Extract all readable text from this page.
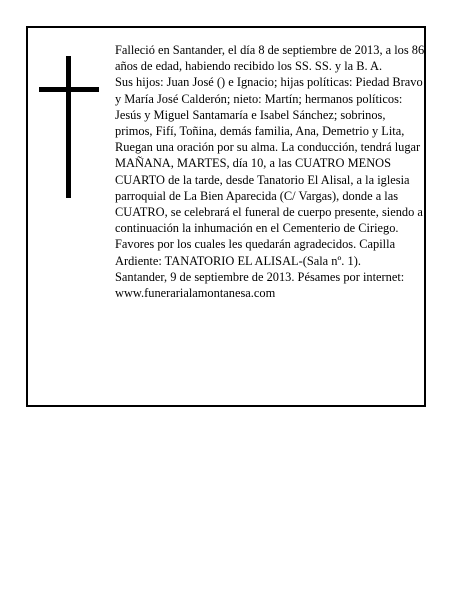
Falleció en Santander, el día 8 de septiembre de 2013, a los 86 años de edad, habiendo recibido los SS. SS. y la B. A.

Sus hijos: Juan José () e Ignacio; hijas políticas: Piedad Bravo y María José Calderón; nieto: Martín; hermanos políticos: Jesús y Miguel Santamaría e Isabel Sánchez; sobrinos, primos, Fifí, Toñina, demás familia, Ana, Demetrio y Lita,

Ruegan una oración por su alma. La conducción, tendrá lugar MAÑANA, MARTES, día 10, a las CUATRO MENOS CUARTO de la tarde, desde Tanatorio El Alisal, a la iglesia parroquial de La Bien Aparecida (C/ Vargas), donde a las CUATRO, se celebrará el funeral de cuerpo presente, siendo a continuación la inhumación en el Cementerio de Ciriego. Favores por los cuales les quedarán agradecidos. Capilla Ardiente: TANATORIO EL ALISAL-(Sala nº. 1).

Santander, 9 de septiembre de 2013. Pésames por internet: www.funerarialamontanesa.com
